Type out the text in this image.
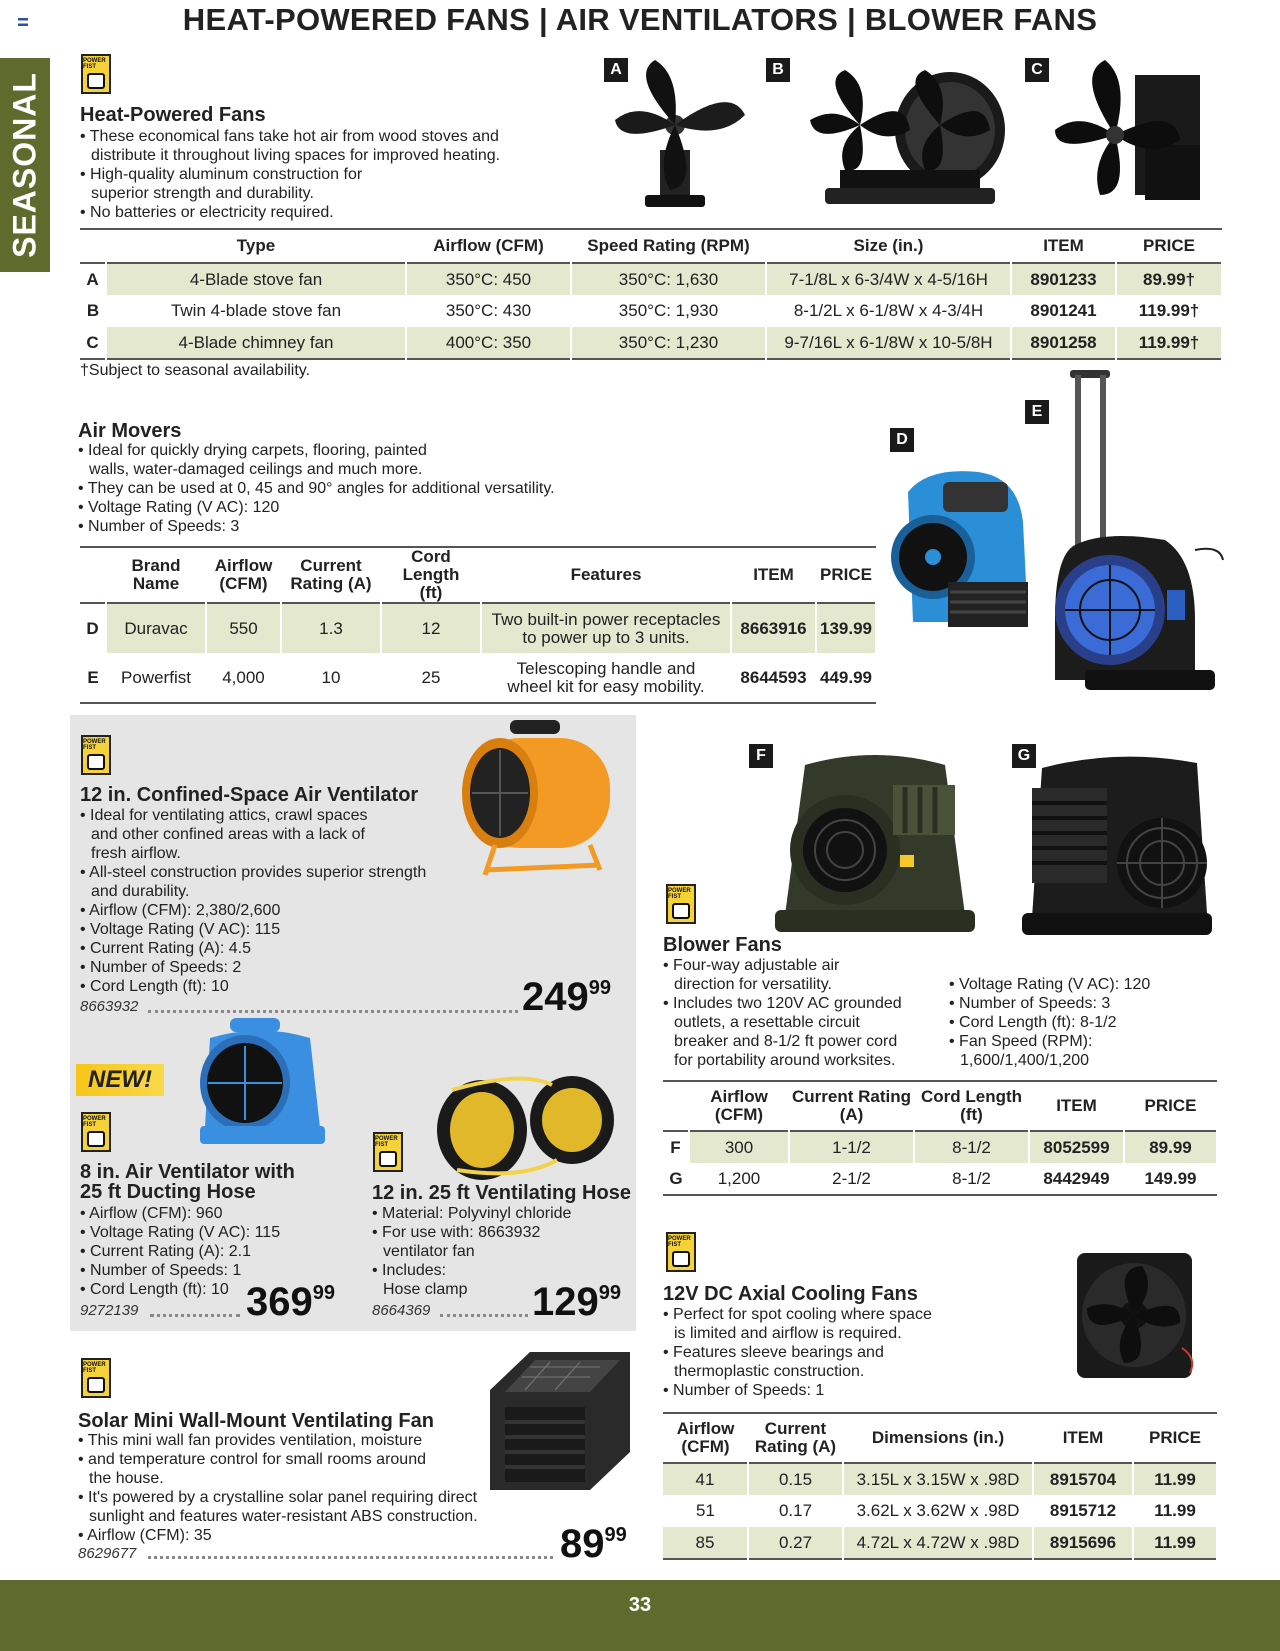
HEAT-POWERED FANS | AIR VENTILATORS | BLOWER FANS
SEASONAL
POWER FIST
Heat-Powered Fans
• These economical fans take hot air from wood stoves and
distribute it throughout living spaces for improved heating.
• High-quality aluminum construction for
superior strength and durability.
• No batteries or electricity required.
A	B	C
	Type	Airflow (CFM)	Speed Rating (RPM)	Size (in.)	ITEM	PRICE
A	4-Blade stove fan	350°C: 450	350°C: 1,630	7-1/8L x 6-3/4W x 4-5/16H	8901233	89.99†
B	Twin 4-blade stove fan	350°C: 430	350°C: 1,930	8-1/2L x 6-1/8W x 4-3/4H	8901241	119.99†
C	4-Blade chimney fan	400°C: 350	350°C: 1,230	9-7/16L x 6-1/8W x 10-5/8H	8901258	119.99†
†Subject to seasonal availability.
Air Movers
• Ideal for quickly drying carpets, flooring, painted
walls, water-damaged ceilings and much more.
• They can be used at 0, 45 and 90° angles for additional versatility.
• Voltage Rating (V AC): 120
• Number of Speeds: 3
	Brand
Name	Airflow
(CFM)	Current
Rating (A)	Cord Length
(ft)	Features	ITEM	PRICE
D	Duravac	550	1.3	12	Two built-in power receptacles
to power up to 3 units.	8663916	139.99
E	Powerfist	4,000	10	25	Telescoping handle and
wheel kit for easy mobility.	8644593	449.99
D
E
POWER FIST
12 in. Confined-Space Air Ventilator
• Ideal for ventilating attics, crawl spaces
and other confined areas with a lack of
fresh airflow.
• All-steel construction provides superior strength
and durability.
• Airflow (CFM): 2,380/2,600
• Voltage Rating (V AC): 115
• Current Rating (A): 4.5
• Number of Speeds: 2
• Cord Length (ft): 10
8663932	$249^{99}$
NEW!
POWER FIST
8 in. Air Ventilator with
25 ft Ducting Hose
• Airflow (CFM): 960
• Voltage Rating (V AC): 115
• Current Rating (A): 2.1
• Number of Speeds: 1
• Cord Length (ft): 10
9272139	$369^{99}$
POWER FIST
12 in. 25 ft Ventilating Hose
• Material: Polyvinyl chloride
• For use with: 8663932
ventilator fan
• Includes:
Hose clamp
8664369	$129^{99}$
POWER FIST
Solar Mini Wall-Mount Ventilating Fan
• This mini wall fan provides ventilation, moisture
• and temperature control for small rooms around
the house.
• It's powered by a crystalline solar panel requiring direct
sunlight and features water-resistant ABS construction.
• Airflow (CFM): 35
8629677	$89^{99}$
F	G
POWER FIST
Blower Fans
• Four-way adjustable air
direction for versatility.
• Includes two 120V AC grounded
outlets, a resettable circuit
breaker and 8-1/2 ft power cord
for portability around worksites.
• Voltage Rating (V AC): 120
• Number of Speeds: 3
• Cord Length (ft): 8-1/2
• Fan Speed (RPM):
1,600/1,400/1,200
	Airflow
(CFM)	Current Rating
(A)	Cord Length
(ft)	ITEM	PRICE
F	300	1-1/2	8-1/2	8052599	89.99
G	1,200	2-1/2	8-1/2	8442949	149.99
POWER FIST
12V DC Axial Cooling Fans
• Perfect for spot cooling where space
is limited and airflow is required.
• Features sleeve bearings and
thermoplastic construction.
• Number of Speeds: 1
Airflow
(CFM)	Current
Rating (A)	Dimensions (in.)	ITEM	PRICE
41	0.15	3.15L x 3.15W x .98D	8915704	11.99
51	0.17	3.62L x 3.62W x .98D	8915712	11.99
85	0.27	4.72L x 4.72W x .98D	8915696	11.99
33
